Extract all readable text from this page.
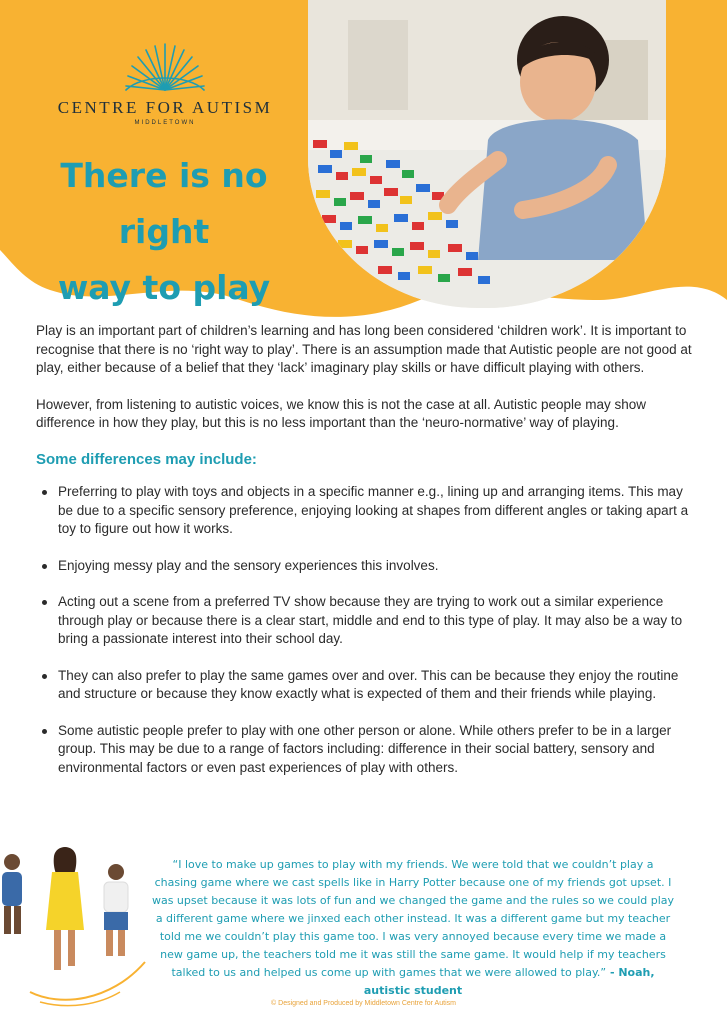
CENTRE FOR AUTISM
MIDDLETOWN
There is no right
way to play

Play is an important part of children’s learning and has long been considered ‘children work’. It is important to recognise that there is no ‘right way to play’. There is an assumption made that Autistic people are not good at play, either because of a belief that they ‘lack’ imaginary play skills or have difficult playing with others.

However, from listening to autistic voices, we know this is not the case at all. Autistic people may show difference in how they play, but this is no less important than the ‘neuro-normative’ way of playing.

Some differences may include:
Preferring to play with toys and objects in a specific manner e.g., lining up and arranging items. This may be due to a specific sensory preference, enjoying looking at shapes from different angles or taking apart a toy to figure out how it works.
Enjoying messy play and the sensory experiences this involves.
Acting out a scene from a preferred TV show because they are trying to work out a similar experience through play or because there is a clear start, middle and end to this type of play. It may also be a way to bring a passionate interest into their school day.
They can also prefer to play the same games over and over. This can be because they enjoy the routine and structure or because they know exactly what is expected of them and their friends while playing.
Some autistic people prefer to play with one other person or alone. While others prefer to be in a larger group. This may be due to a range of factors including: difference in their social battery, sensory and environmental factors or even past experiences of play with others.
“I love to make up games to play with my friends. We were told that we couldn’t play a chasing game where we cast spells like in Harry Potter because one of my friends got upset. I was upset because it was lots of fun and we changed the game and the rules so we could play a different game where we jinxed each other instead. It was a different game but my teacher told me we couldn’t play this game too. I was very annoyed because every time we made a new game up, the teachers told me it was still the same game. It would help if my teachers talked to us and helped us come up with games that we were allowed to play.” - Noah, autistic student
© Designed and Produced by Middletown Centre for Autism
